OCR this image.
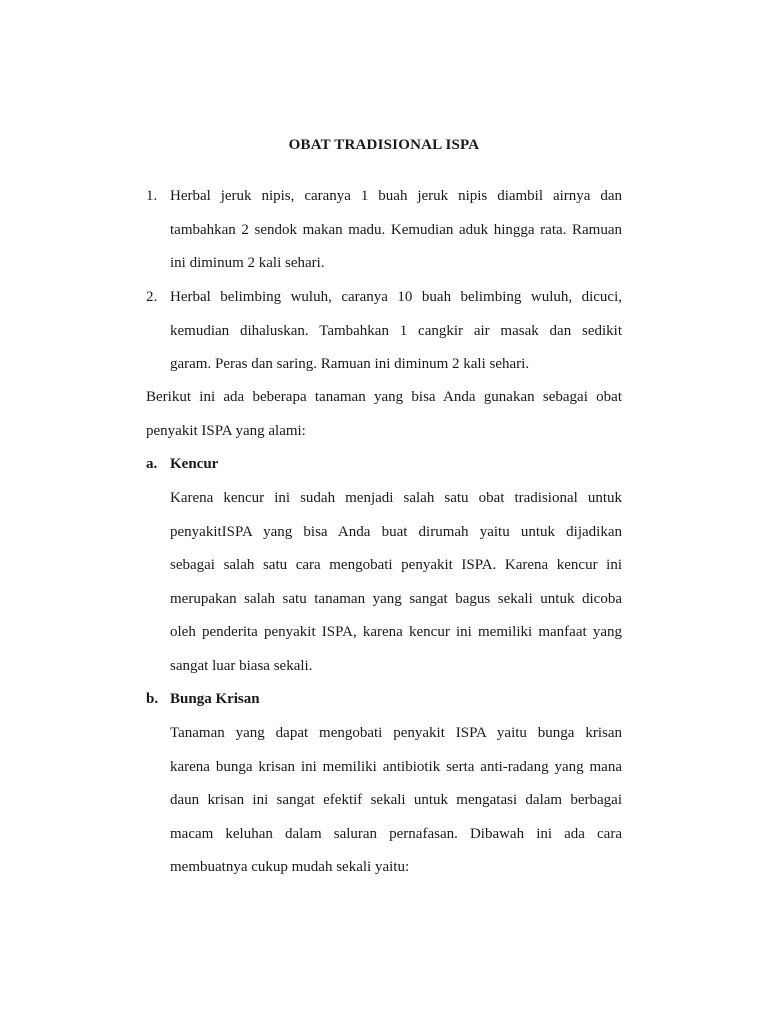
OBAT TRADISIONAL ISPA
1. Herbal jeruk nipis, caranya 1 buah jeruk nipis diambil airnya dan
tambahkan 2 sendok makan madu. Kemudian aduk hingga rata. Ramuan
ini diminum 2 kali sehari.
2. Herbal belimbing wuluh, caranya 10 buah belimbing wuluh, dicuci,
kemudian dihaluskan. Tambahkan 1 cangkir air masak dan sedikit
garam. Peras dan saring. Ramuan ini diminum 2 kali sehari.
Berikut ini ada beberapa tanaman yang bisa Anda gunakan sebagai obat
penyakit ISPA yang alami:
a. Kencur
Karena kencur ini sudah menjadi salah satu obat tradisional untuk
penyakitISPA yang bisa Anda buat dirumah yaitu untuk dijadikan
sebagai salah satu cara mengobati penyakit ISPA. Karena kencur ini
merupakan salah satu tanaman yang sangat bagus sekali untuk dicoba
oleh penderita penyakit ISPA, karena kencur ini memiliki manfaat yang
sangat luar biasa sekali.
b. Bunga Krisan
Tanaman yang dapat mengobati penyakit ISPA yaitu bunga krisan
karena bunga krisan ini memiliki antibiotik serta anti-radang yang mana
daun krisan ini sangat efektif sekali untuk mengatasi dalam berbagai
macam keluhan dalam saluran pernafasan. Dibawah ini ada cara
membuatnya cukup mudah sekali yaitu:
